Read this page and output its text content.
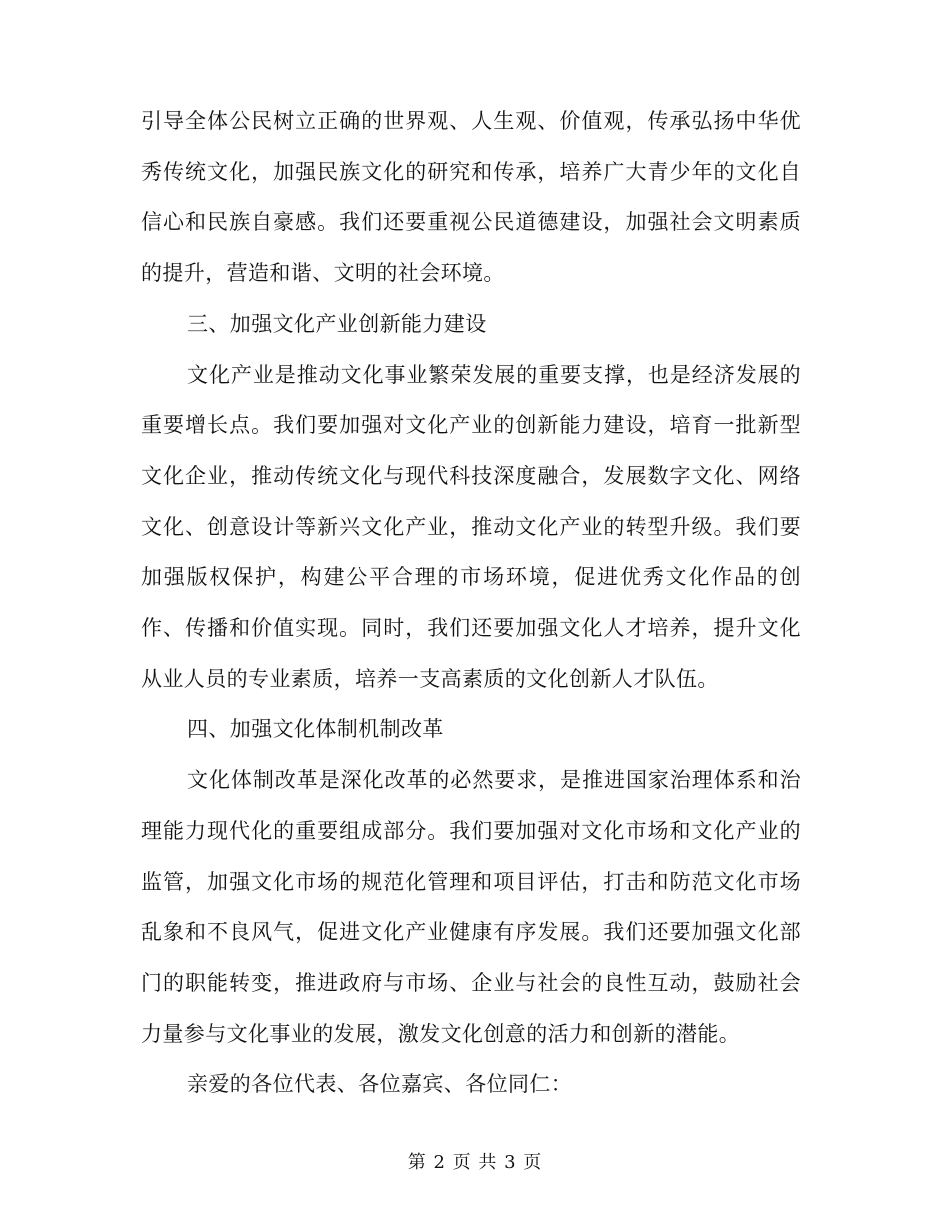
引导全体公民树立正确的世界观、人生观、价值观，传承弘扬中华优秀传统文化，加强民族文化的研究和传承，培养广大青少年的文化自信心和民族自豪感。我们还要重视公民道德建设，加强社会文明素质的提升，营造和谐、文明的社会环境。

三、加强文化产业创新能力建设

文化产业是推动文化事业繁荣发展的重要支撑，也是经济发展的重要增长点。我们要加强对文化产业的创新能力建设，培育一批新型文化企业，推动传统文化与现代科技深度融合，发展数字文化、网络文化、创意设计等新兴文化产业，推动文化产业的转型升级。我们要加强版权保护，构建公平合理的市场环境，促进优秀文化作品的创作、传播和价值实现。同时，我们还要加强文化人才培养，提升文化从业人员的专业素质，培养一支高素质的文化创新人才队伍。

四、加强文化体制机制改革

文化体制改革是深化改革的必然要求，是推进国家治理体系和治理能力现代化的重要组成部分。我们要加强对文化市场和文化产业的监管，加强文化市场的规范化管理和项目评估，打击和防范文化市场乱象和不良风气，促进文化产业健康有序发展。我们还要加强文化部门的职能转变，推进政府与市场、企业与社会的良性互动，鼓励社会力量参与文化事业的发展，激发文化创意的活力和创新的潜能。

亲爱的各位代表、各位嘉宾、各位同仁：

第 2 页 共 3 页
